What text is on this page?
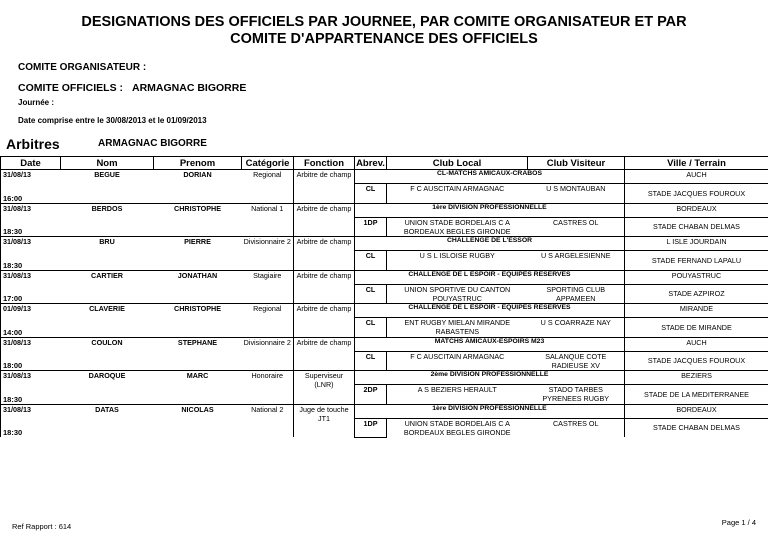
DESIGNATIONS DES OFFICIELS PAR JOURNEE, PAR COMITE ORGANISATEUR ET PAR
COMITE D'APPARTENANCE DES OFFICIELS
COMITE ORGANISATEUR :
COMITE OFFICIELS : ARMAGNAC BIGORRE
Journée :
Date comprise entre le 30/08/2013 et le 01/09/2013
Arbitres	ARMAGNAC BIGORRE
Date	Nom	Prenom	Catégorie	Fonction	Abrev.	Club Local	Club Visiteur	Ville / Terrain
31/08/13	BEGUE	DORIAN	Regional	Arbitre de champ	CL-MATCHS AMICAUX-CRABOS			AUCH
					CL	F C AUSCITAIN ARMAGNAC	U S MONTAUBAN	STADE JACQUES FOUROUX
16:00								
31/08/13	BERDOS	CHRISTOPHE	National 1	Arbitre de champ	1ère DIVISION PROFESSIONNELLE			BORDEAUX
					1DP	UNION STADE BORDELAIS C A BORDEAUX BEGLES GIRONDE	CASTRES OL	STADE CHABAN DELMAS
18:30								
31/08/13	BRU	PIERRE	Divisionnaire 2	Arbitre de champ	CHALLENGE DE L'ESSOR			L ISLE JOURDAIN
					CL	U S L ISLOISE RUGBY	U S ARGELESIENNE	STADE FERNAND LAPALU
18:30								
31/08/13	CARTIER	JONATHAN	Stagiaire	Arbitre de champ	CHALLENGE DE L ESPOIR - EQUIPES RESERVES			POUYASTRUC
					CL	UNION SPORTIVE DU CANTON POUYASTRUC	SPORTING CLUB APPAMEEN	STADE AZPIROZ
17:00								
01/09/13	CLAVERIE	CHRISTOPHE	Regional	Arbitre de champ	CHALLENGE DE L ESPOIR - EQUIPES RESERVES			MIRANDE
					CL	ENT RUGBY MIELAN MIRANDE RABASTENS	U S COARRAZE NAY	STADE DE MIRANDE
14:00								
31/08/13	COULON	STEPHANE	Divisionnaire 2	Arbitre de champ	MATCHS AMICAUX-ESPOIRS M23			AUCH
					CL	F C AUSCITAIN ARMAGNAC	SALANQUE COTE RADIEUSE XV	STADE JACQUES FOUROUX
18:00								
31/08/13	DAROQUE	MARC	Honoraire	Superviseur (LNR)	2ème DIVISION PROFESSIONNELLE			BEZIERS
					2DP	A S BEZIERS HERAULT	STADO TARBES PYRENEES RUGBY	STADE DE LA MEDITERRANEE
18:30								
31/08/13	DATAS	NICOLAS	National 2	Juge de touche JT1	1ère DIVISION PROFESSIONNELLE			BORDEAUX
					1DP	UNION STADE BORDELAIS C A BORDEAUX BEGLES GIRONDE	CASTRES OL	STADE CHABAN DELMAS
18:30								
Ref Rapport : 614	Page 1 / 4
